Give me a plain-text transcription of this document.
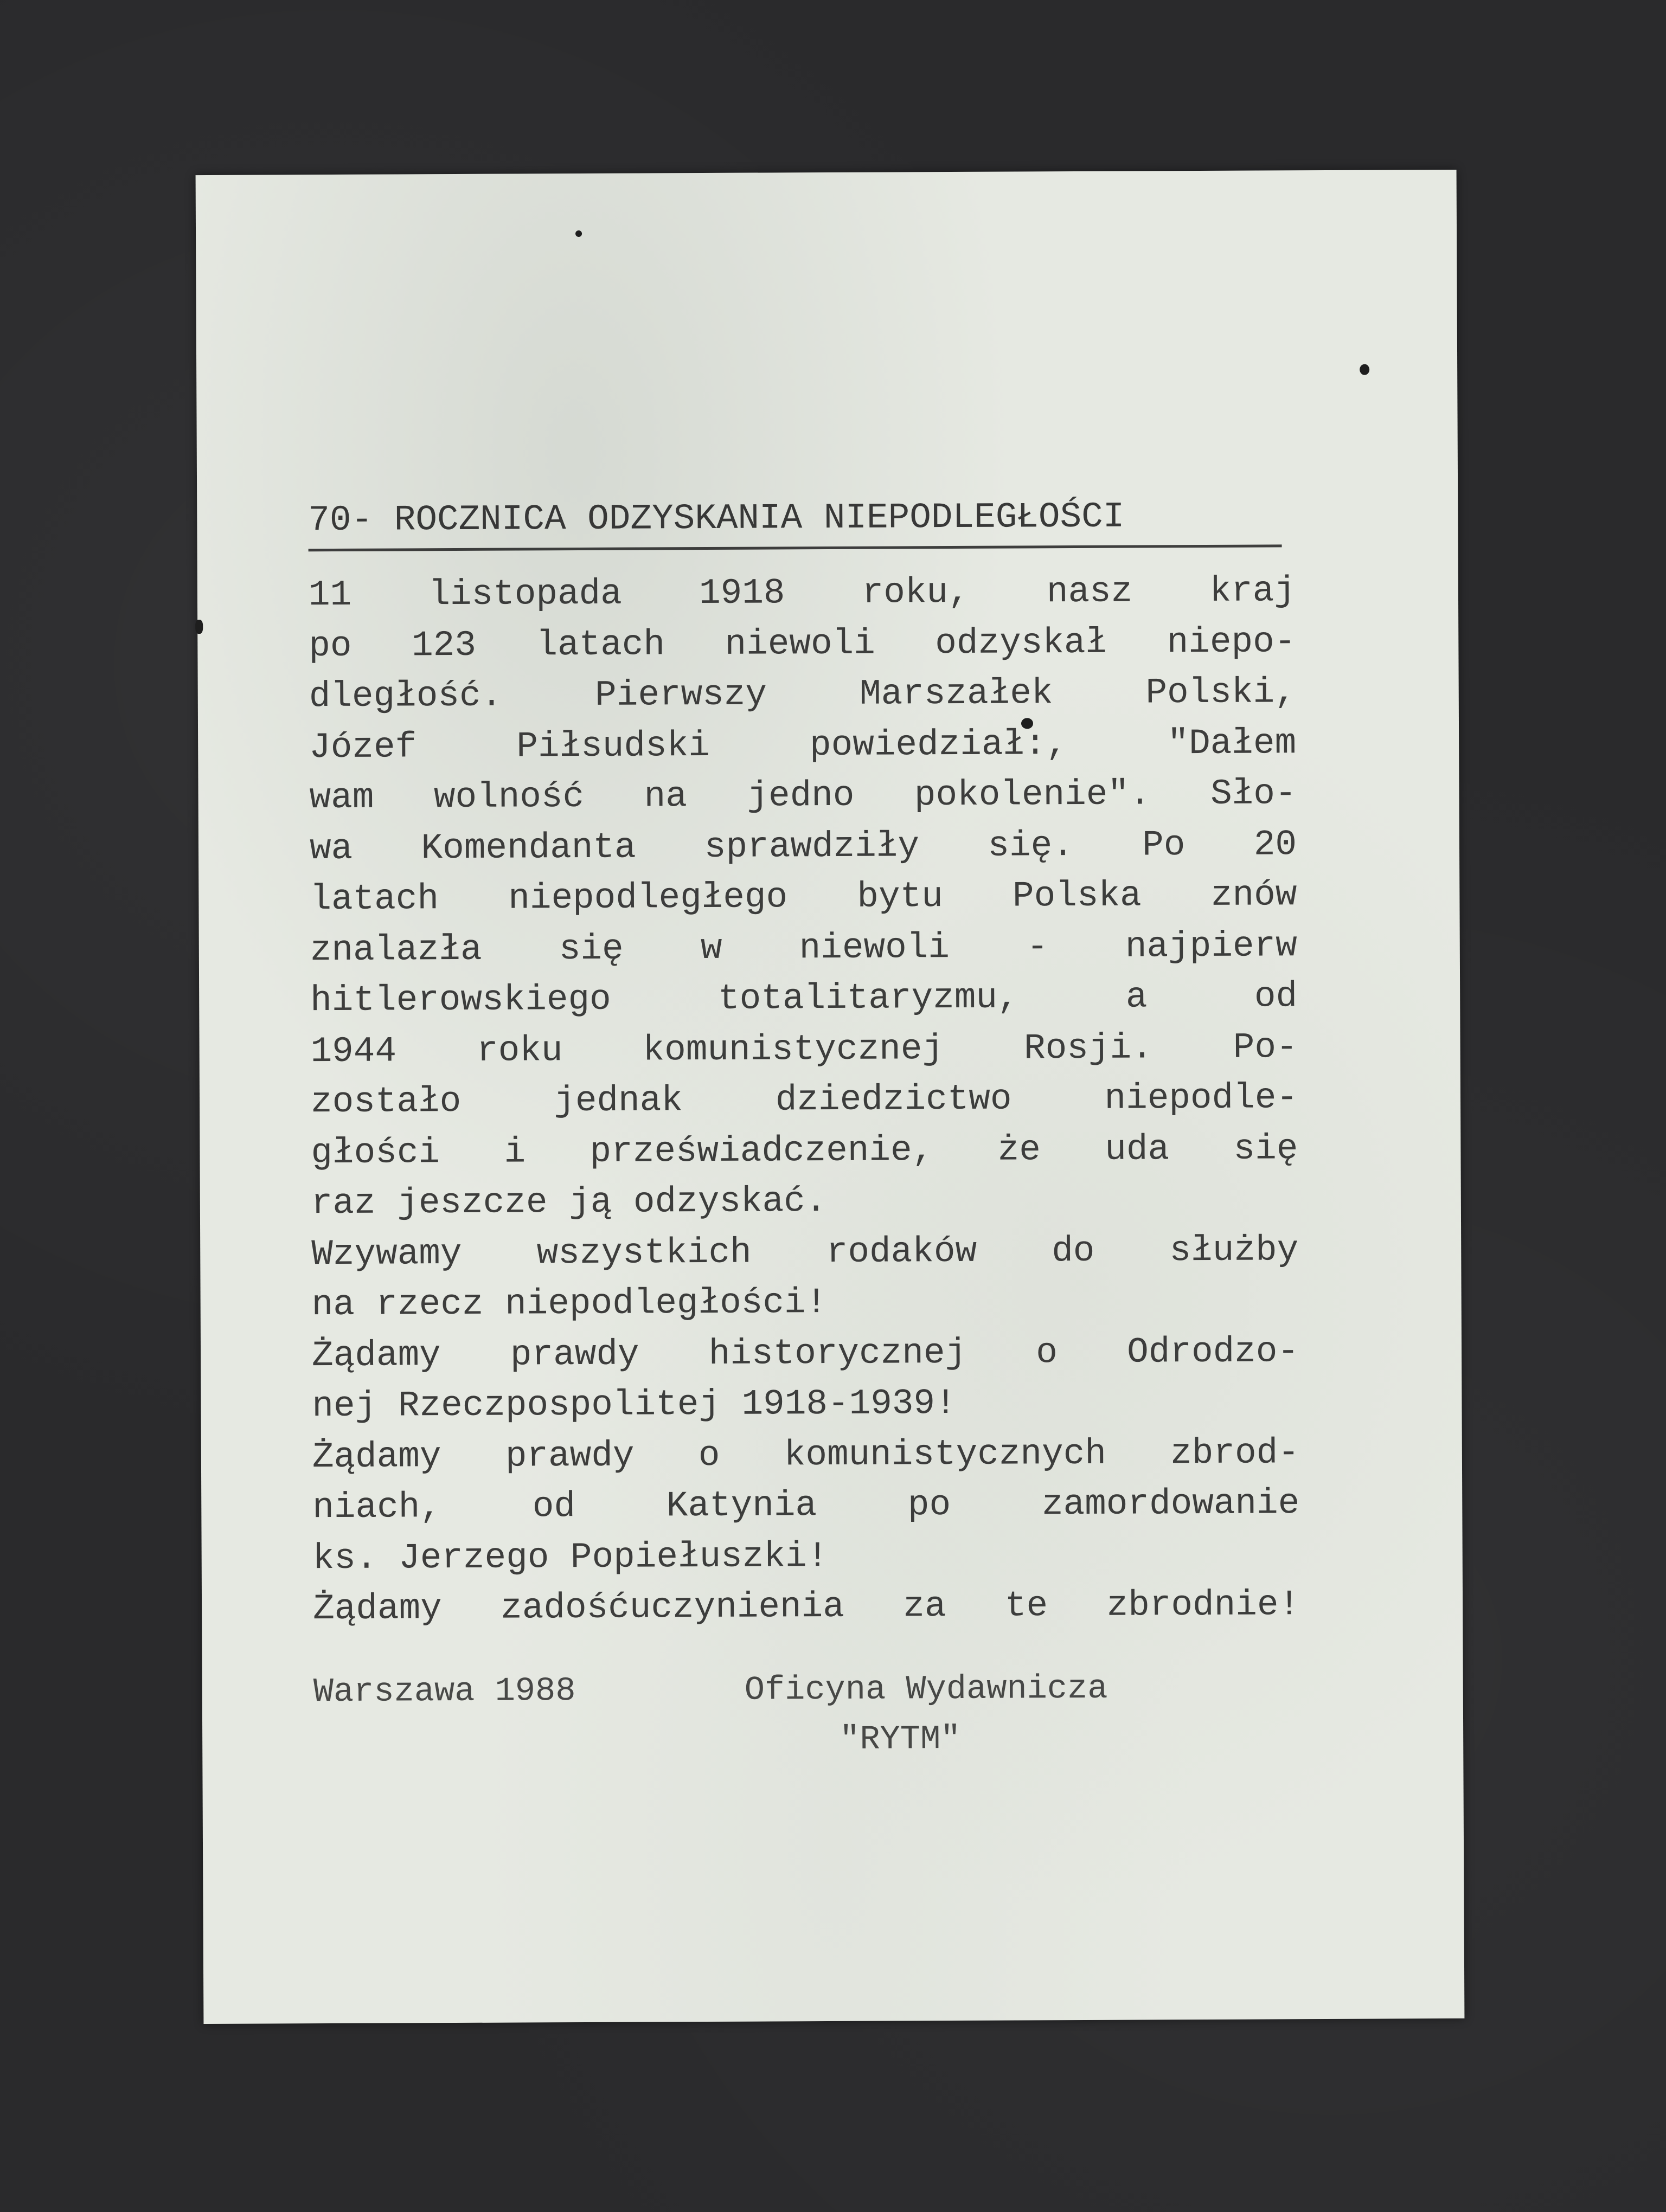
70- ROCZNICA ODZYSKANIA NIEPODLEGŁOŚCI
11 listopada 1918 roku, nasz kraj
po 123 latach niewoli odzyskał niepo-
dległość. Pierwszy Marszałek Polski,
Józef Piłsudski powiedział:, "Dałem
wam wolność na jedno pokolenie". Sło-
wa Komendanta sprawdziły się. Po 20
latach niepodległego bytu Polska znów
znalazła się w niewoli - najpierw
hitlerowskiego totalitaryzmu, a od
1944 roku komunistycznej Rosji. Po-
zostało jednak dziedzictwo niepodle-
głości i przeświadczenie, że uda się
raz jeszcze ją odzyskać.
Wzywamy wszystkich rodaków do służby
na rzecz niepodległości!
Żądamy prawdy historycznej o Odrodzo-
nej Rzeczpospolitej 1918-1939!
Żądamy prawdy o komunistycznych zbrod-
niach, od Katynia po zamordowanie
ks. Jerzego Popiełuszki!
Żądamy zadośćuczynienia za te zbrodnie!
Warszawa 1988	Oficyna Wydawnicza
"RYTM"
